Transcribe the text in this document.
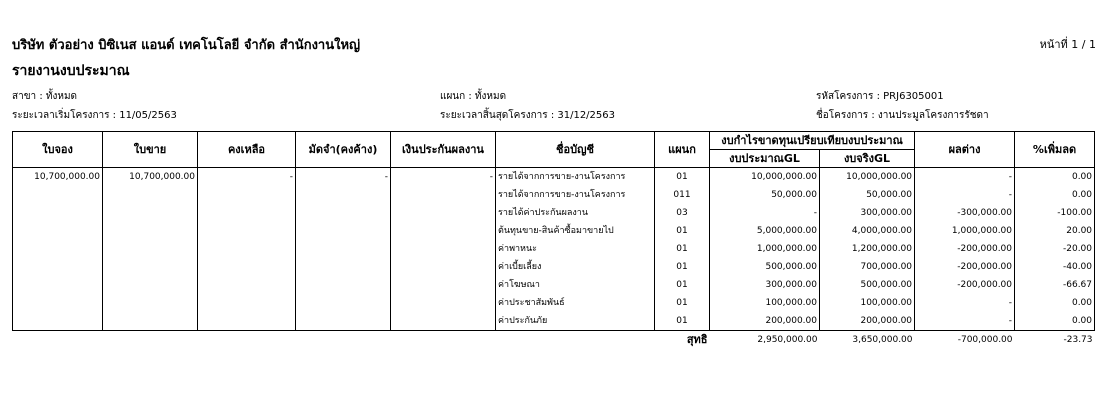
บริษัท ตัวอย่าง บิซิเนส แอนด์ เทคโนโลยี จำกัด สำนักงานใหญ่	หน้าที่ 1 / 1
รายงานงบประมาณ
สาขา : ทั้งหมด	แผนก : ทั้งหมด	รหัสโครงการ : PRJ6305001
ระยะเวลาเริ่มโครงการ : 11/05/2563	ระยะเวลาสิ้นสุดโครงการ : 31/12/2563	ชื่อโครงการ : งานประมูลโครงการรัชดา
ใบจอง	ใบขาย	คงเหลือ	มัดจำ(คงค้าง)	เงินประกันผลงาน	ชื่อบัญชี	แผนก	งบกำไรขาดทุนเปรียบเทียบงบประมาณ		ผลต่าง	%เพิ่มลด
							งบประมาณGL	งบจริงGL		
10,700,000.00	10,700,000.00	-	-	-	รายได้จากการขาย-งานโครงการ	01	10,000,000.00	10,000,000.00	-	0.00
					รายได้จากการขาย-งานโครงการ	011	50,000.00	50,000.00	-	0.00
					รายได้ค่าประกันผลงาน	03	-	300,000.00	-300,000.00	-100.00
					ต้นทุนขาย-สินค้าซื้อมาขายไป	01	5,000,000.00	4,000,000.00	1,000,000.00	20.00
					ค่าพาหนะ	01	1,000,000.00	1,200,000.00	-200,000.00	-20.00
					ค่าเบี้ยเลี้ยง	01	500,000.00	700,000.00	-200,000.00	-40.00
					ค่าโฆษณา	01	300,000.00	500,000.00	-200,000.00	-66.67
					ค่าประชาสัมพันธ์	01	100,000.00	100,000.00	-	0.00
					ค่าประกันภัย	01	200,000.00	200,000.00	-	0.00
						สุทธิ	2,950,000.00	3,650,000.00	-700,000.00	-23.73
